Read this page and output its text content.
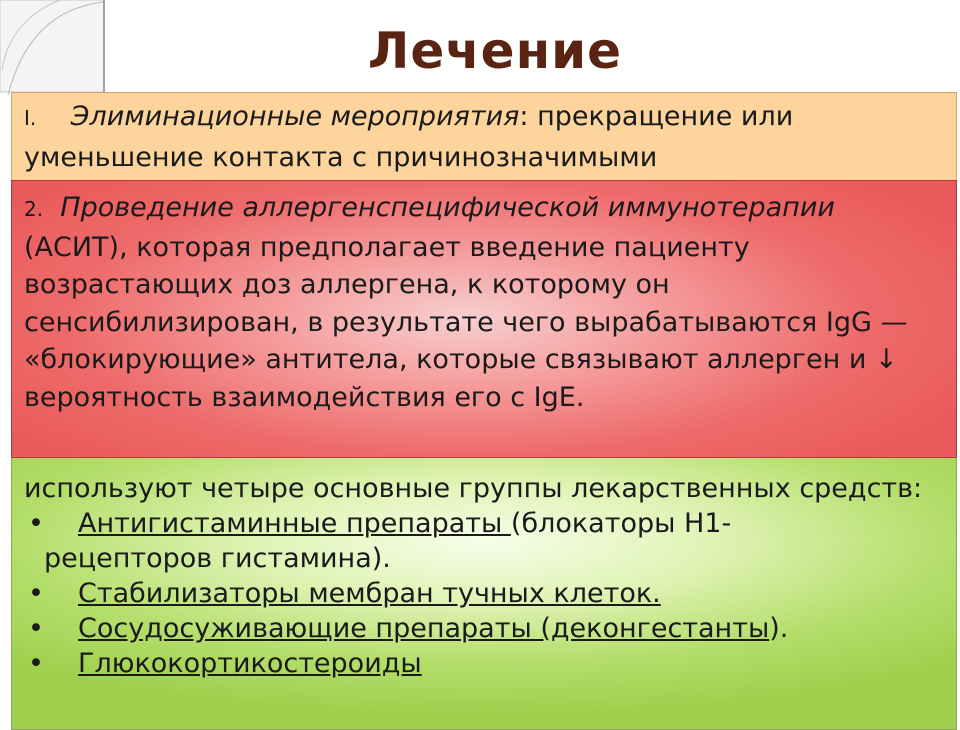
Лечение

I. Элиминационные мероприятия: прекращение или уменьшение контакта с причинозначимыми

используют четыре основные группы лекарственных средств:

•	Антигистаминные препараты (блокаторы H1-

рецепторов гистамина).

•	Стабилизаторы мембран тучных клеток.
•	Сосудосуживающие препараты (деконгестанты).
•	Глюкокортикостероиды

2. Проведение аллергенспецифической иммунотерапии (АСИТ), которая предполагает введение пациенту возрастающих доз аллергена, к которому он сенсибилизирован, в результате чего вырабатываются IgG — «блокирующие» антитела, которые связывают аллерген и ↓ вероятность взаимодействия его с IgE.
